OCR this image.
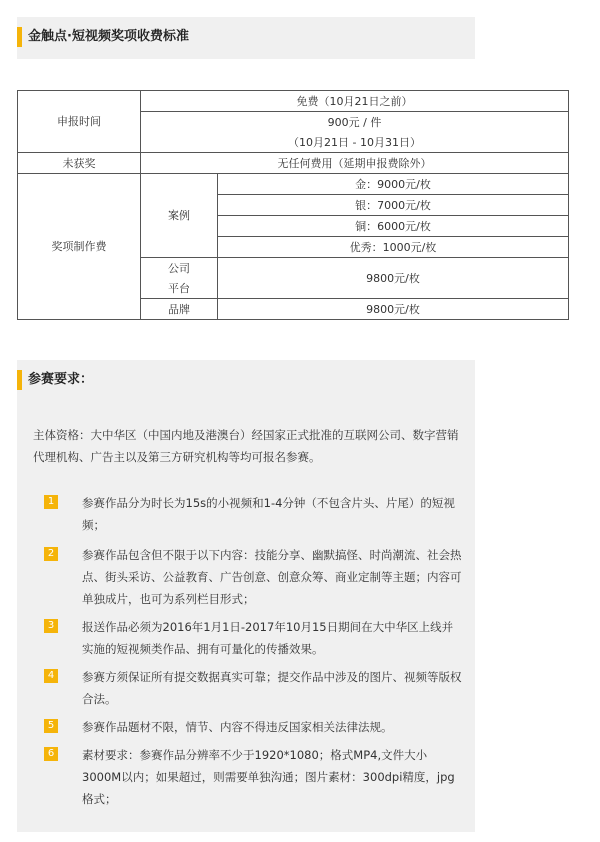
金触点·短视频奖项收费标准
申报时间	免费（10月21日之前）	
	900元 / 件	
	（10月21日 - 10月31日）	
未获奖	无任何费用（延期申报费除外）	
奖项制作费	案例	金：9000元/枚
		银：7000元/枚
		铜：6000元/枚
		优秀：1000元/枚
	公司	9800元/枚
	平台	
	品牌	9800元/枚
参赛要求：
主体资格：大中华区（中国内地及港澳台）经国家正式批准的互联网公司、数字营销代理机构、广告主以及第三方研究机构等均可报名参赛。
1	参赛作品分为时长为15s的小视频和1-4分钟（不包含片头、片尾）的短视频；
2	参赛作品包含但不限于以下内容：技能分享、幽默搞怪、时尚潮流、社会热点、街头采访、公益教育、广告创意、创意众筹、商业定制等主题；内容可单独成片，也可为系列栏目形式；
3	报送作品必须为2016年1月1日-2017年10月15日期间在大中华区上线并实施的短视频类作品、拥有可量化的传播效果。
4	参赛方须保证所有提交数据真实可靠；提交作品中涉及的图片、视频等版权合法。
5	参赛作品题材不限，情节、内容不得违反国家相关法律法规。
6	素材要求：参赛作品分辨率不少于1920*1080；格式MP4,文件大小3000M以内；如果超过，则需要单独沟通；图片素材：300dpi精度，jpg格式；
